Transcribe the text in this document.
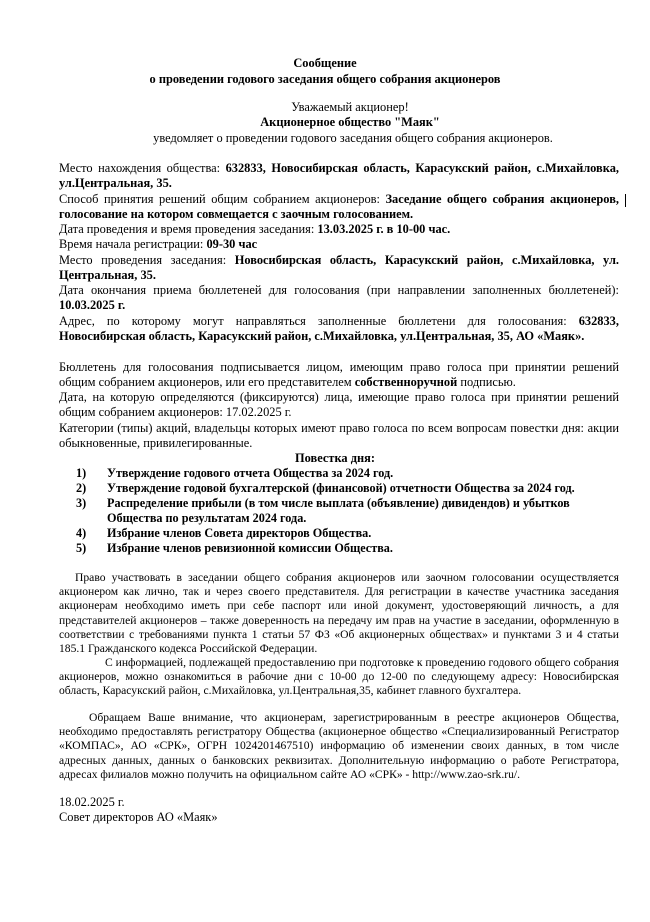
Сообщение
о проведении годового заседания общего собрания акционеров
Уважаемый акционер!
Акционерное общество "Маяк"
уведомляет о проведении годового заседания общего собрания акционеров.
Место нахождения общества: 632833, Новосибирская область, Карасукский район, с.Михайловка, ул.Центральная, 35.
Способ принятия решений общим собранием акционеров: Заседание общего собрания акционеров, голосование на котором совмещается с заочным голосованием.
Дата проведения и время проведения заседания: 13.03.2025 г. в 10-00 час.
Время начала регистрации: 09-30 час
Место проведения заседания: Новосибирская область, Карасукский район, с.Михайловка, ул. Центральная, 35.
Дата окончания приема бюллетеней для голосования (при направлении заполненных бюллетеней): 10.03.2025 г.
Адрес, по которому могут направляться заполненные бюллетени для голосования: 632833, Новосибирская область, Карасукский район, с.Михайловка, ул.Центральная, 35, АО «Маяк».
Бюллетень для голосования подписывается лицом, имеющим право голоса при принятии решений общим собранием акционеров, или его представителем собственноручной подписью.
Дата, на которую определяются (фиксируются) лица, имеющие право голоса при принятии решений общим собранием акционеров: 17.02.2025 г.
Категории (типы) акций, владельцы которых имеют право голоса по всем вопросам повестки дня: акции обыкновенные, привилегированные.
Повестка дня:
1)	Утверждение годового отчета Общества за 2024 год.
2)	Утверждение годовой бухгалтерской (финансовой) отчетности Общества за 2024 год.
3)	Распределение прибыли (в том числе выплата (объявление) дивидендов) и убытков Общества по результатам 2024 года.
4)	Избрание членов Совета директоров Общества.
5)	Избрание членов ревизионной комиссии Общества.
Право участвовать в заседании общего собрания акционеров или заочном голосовании осуществляется акционером как лично, так и через своего представителя. Для регистрации в качестве участника заседания акционерам необходимо иметь при себе паспорт или иной документ, удостоверяющий личность, а для представителей акционеров – также доверенность на передачу им прав на участие в заседании, оформленную в соответствии с требованиями пункта 1 статьи 57 ФЗ «Об акционерных обществах» и пунктами 3 и 4 статьи 185.1 Гражданского кодекса Российской Федерации.
С информацией, подлежащей предоставлению при подготовке к проведению годового общего собрания акционеров, можно ознакомиться в рабочие дни с 10-00 до 12-00 по следующему адресу: Новосибирская область, Карасукский район, с.Михайловка, ул.Центральная,35, кабинет главного бухгалтера.
Обращаем Ваше внимание, что акционерам, зарегистрированным в реестре акционеров Общества, необходимо предоставлять регистратору Общества (акционерное общество «Специализированный Регистратор «КОМПАС», АО «СРК», ОГРН 1024201467510) информацию об изменении своих данных, в том числе адресных данных, данных о банковских реквизитах. Дополнительную информацию о работе Регистратора, адресах филиалов можно получить на официальном сайте АО «СРК» - http://www.zao-srk.ru/.
18.02.2025 г.
Совет директоров АО «Маяк»
